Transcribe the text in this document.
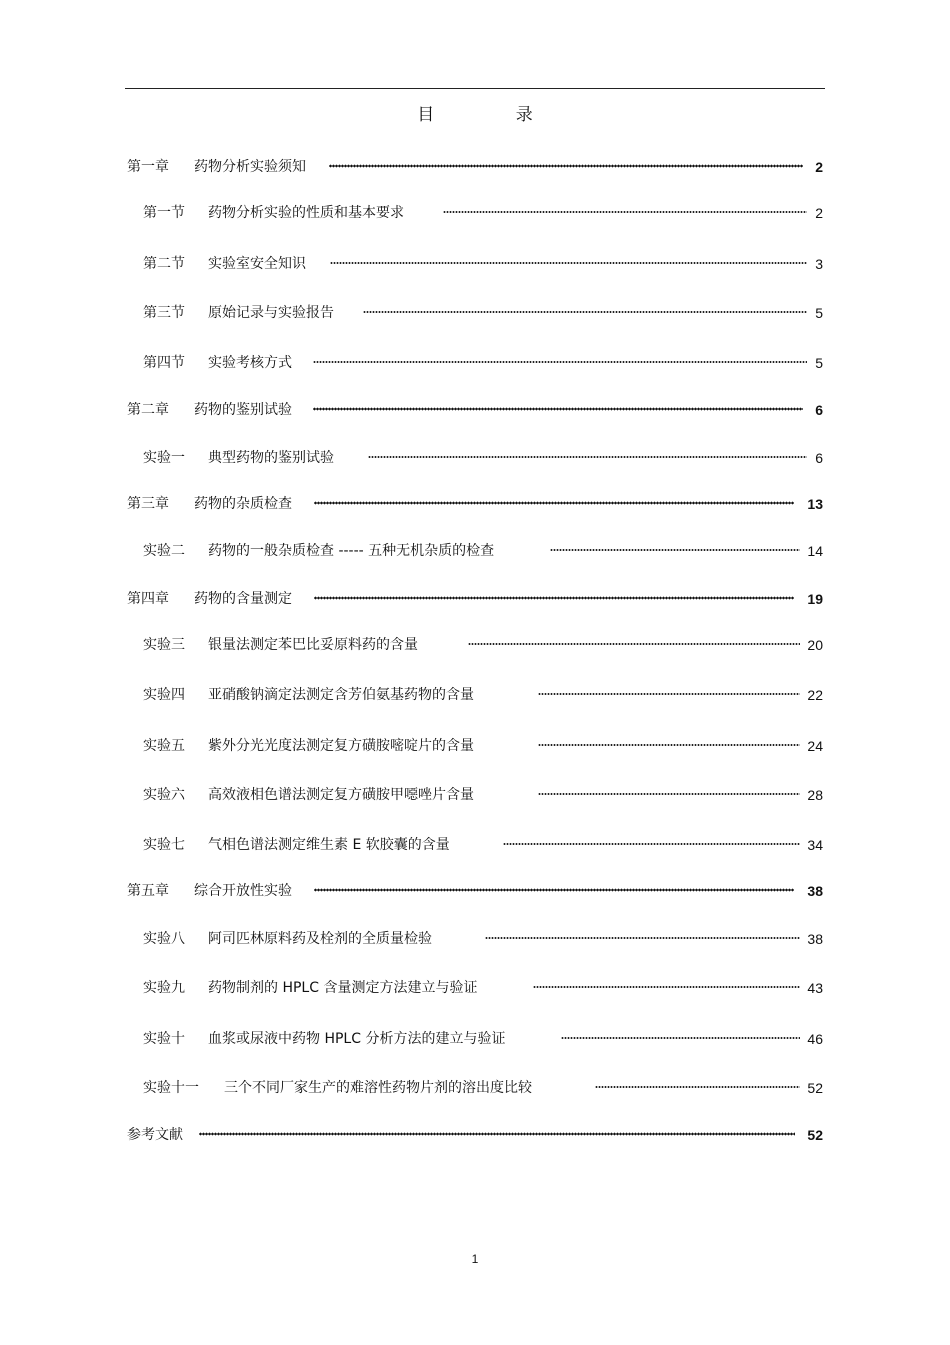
目 录
第一章 药物分析实验须知	2
第一节 药物分析实验的性质和基本要求	2
第二节 实验室安全知识	3
第三节 原始记录与实验报告	5
第四节 实验考核方式	5
第二章 药物的鉴别试验	6
实验一 典型药物的鉴别试验	6
第三章 药物的杂质检查	13
实验二 药物的一般杂质检查 ----- 五种无机杂质的检查	14
第四章 药物的含量测定	19
实验三 银量法测定苯巴比妥原料药的含量	20
实验四 亚硝酸钠滴定法测定含芳伯氨基药物的含量	22
实验五 紫外分光光度法测定复方磺胺嘧啶片的含量	24
实验六 高效液相色谱法测定复方磺胺甲噁唑片含量	28
实验七 气相色谱法测定维生素 E 软胶囊的含量	34
第五章 综合开放性实验	38
实验八 阿司匹林原料药及栓剂的全质量检验	38
实验九 药物制剂的 HPLC 含量测定方法建立与验证	43
实验十 血浆或尿液中药物 HPLC 分析方法的建立与验证	46
实验十一 三个不同厂家生产的难溶性药物片剂的溶出度比较	52
参考文献	52
1
